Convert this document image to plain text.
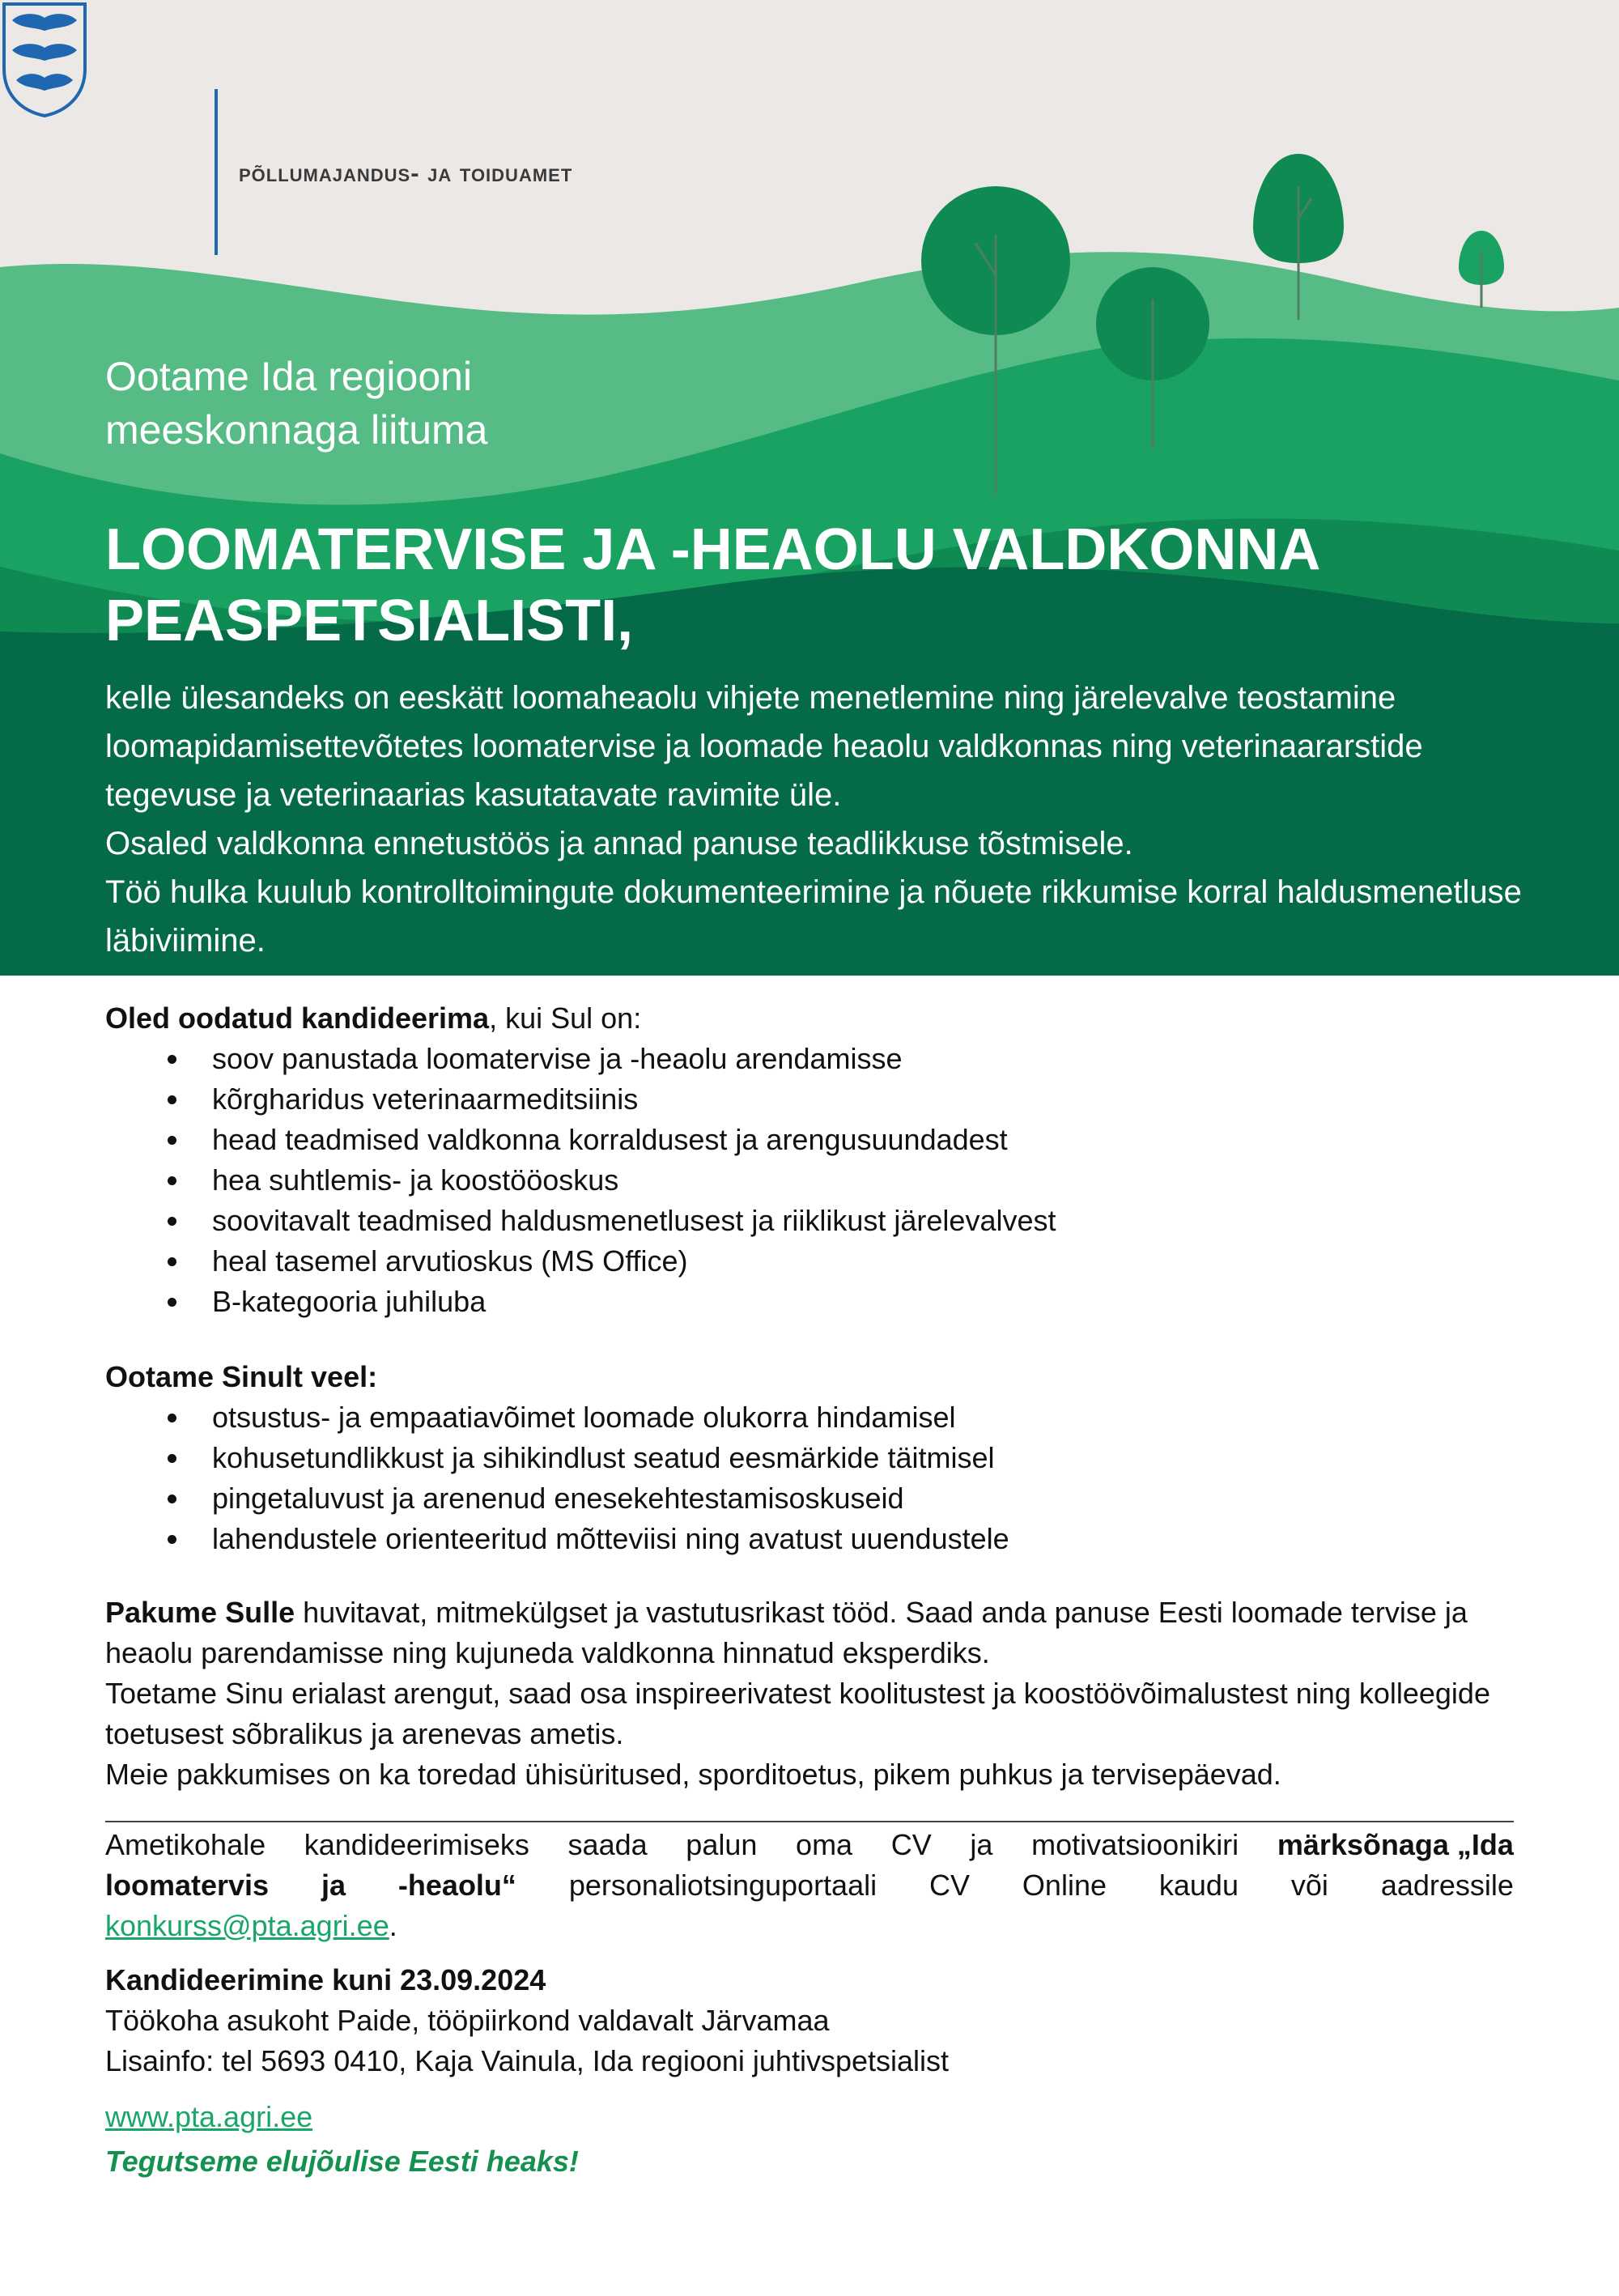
põllumajandus- ja toiduamet
Ootame Ida regiooni
meeskonnaga liituma
LOOMATERVISE JA -HEAOLU VALDKONNA PEASPETSIALISTI,

kelle ülesandeks on eeskätt loomaheaolu vihjete menetlemine ning järelevalve teostamine loomapidamisettevõtetes loomatervise ja loomade heaolu valdkonnas ning veterinaararstide tegevuse ja veterinaarias kasutatavate ravimite üle.

Osaled valdkonna ennetustöös ja annad panuse teadlikkuse tõstmisele.

Töö hulka kuulub kontrolltoimingute dokumenteerimine ja nõuete rikkumise korral haldusmenetluse läbiviimine.

Oled oodatud kandideerima, kui Sul on:

soov panustada loomatervise ja -heaolu arendamisse
kõrgharidus veterinaarmeditsiinis
head teadmised valdkonna korraldusest ja arengusuundadest
hea suhtlemis- ja koostööoskus
soovitavalt teadmised haldusmenetlusest ja riiklikust järelevalvest
heal tasemel arvutioskus (MS Office)
B-kategooria juhiluba

Ootame Sinult veel:

otsustus- ja empaatiavõimet loomade olukorra hindamisel
kohusetundlikkust ja sihikindlust seatud eesmärkide täitmisel
pingetaluvust ja arenenud enesekehtestamisoskuseid
lahendustele orienteeritud mõtteviisi ning avatust uuendustele

Pakume Sulle huvitavat, mitmekülgset ja vastutusrikast tööd. Saad anda panuse Eesti loomade tervise ja heaolu parendamisse ning kujuneda valdkonna hinnatud eksperdiks.

Toetame Sinu erialast arengut, saad osa inspireerivatest koolitustest ja koostöövõimalustest ning kolleegide toetusest sõbralikus ja arenevas ametis.

Meie pakkumises on ka toredad ühisüritused, sporditoetus, pikem puhkus ja tervisepäevad.

Ametikohale kandideerimiseks saada palun oma CV ja motivatsioonikiri märksõnaga „Ida
loomatervis ja -heaolu“ personaliotsinguportaali CV Online kaudu või aadressile
konkurss@pta.agri.ee.

Kandideerimine kuni 23.09.2024

Töökoha asukoht Paide, tööpiirkond valdavalt Järvamaa

Lisainfo: tel 5693 0410, Kaja Vainula, Ida regiooni juhtivspetsialist

www.pta.agri.ee
Tegutseme elujõulise Eesti heaks!
